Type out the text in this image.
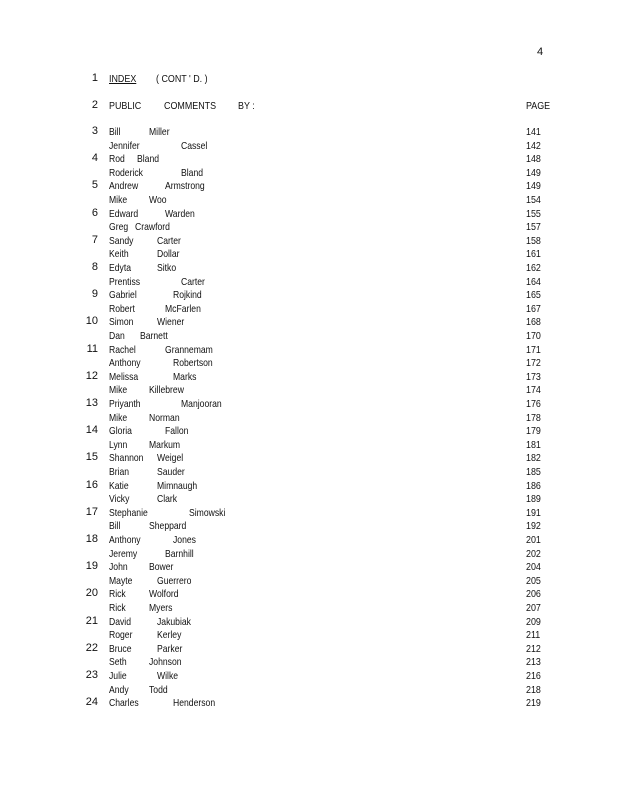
4
1 INDEX ( CONT ' D. )
2 PUBLIC COMMENTS BY :	PAGE
3 Bill	Miller	141
Jennifer	Cassel	142
4 Rod Bland	148
Roderick	Bland	149
5 Andrew	Armstrong	149
Mike Woo	154
6 Edward	Warden	155
Greg Crawford	157
7 Sandy Carter	158
Keith	Dollar	161
8 Edyta Sitko	162
Prentiss	Carter	164
9 Gabriel	Rojkind	165
Robert	McFarlen	167
10 Simon Wiener	168
Dan Barnett	170
11 Rachel	Grannemam	171
Anthony	Robertson	172
12 Melissa	Marks	173
Mike Killebrew	174
13 Priyanth	Manjooran	176
Mike Norman	178
14 Gloria	Fallon	179
Lynn Markum	181
15 Shannon Weigel	182
Brian	Sauder	185
16 Katie	Mimnaugh	186
Vicky	Clark	189
17 Stephanie	Simowski	191
Bill	Sheppard	192
18 Anthony	Jones	201
Jeremy	Barnhill	202
19 John Bower	204
Mayte Guerrero	205
20 Rick Wolford	206
Rick Myers	207
21 David Jakubiak	209
Roger Kerley	211
22 Bruce Parker	212
Seth Johnson	213
23 Julie	Wilke	216
Andy Todd	218
24 Charles	Henderson	219
